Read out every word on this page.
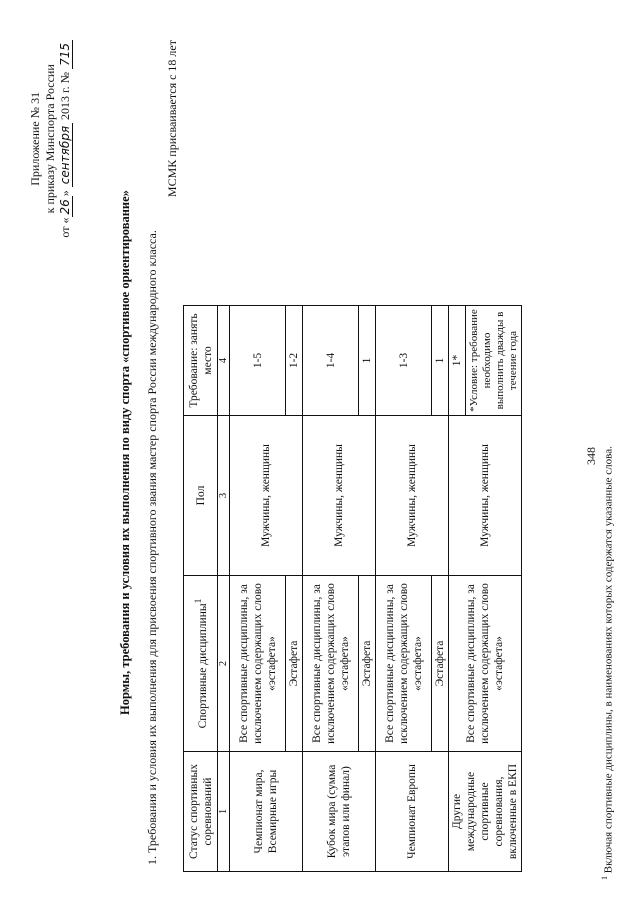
348
Приложение № 31 к приказу Минспорта России
от «26» сентября 2013 г. № 715
Нормы, требования и условия их выполнения по виду спорта «спортивное ориентирование» 1. Требования и условия их выполнения для присвоения спортивного звания мастер спорта России международного класса.
МСМК присваивается с 18 лет
Статус спортивных соревнований	Спортивные дисциплины$^1$	Пол	Требование: занять место
1	2	3	4
Чемпионат мира, Всемирные игры	Все спортивные дисциплины, за исключением содержащих слово «эстафета»	Мужчины, женщины	1-5
	Эстафета		1-2
Кубок мира (сумма этапов или финал)	Все спортивные дисциплины, за исключением содержащих слово «эстафета»	Мужчины, женщины	1-4
	Эстафета		1
Чемпионат Европы	Все спортивные дисциплины, за исключением содержащих слово «эстафета»	Мужчины, женщины	1-3
	Эстафета		1
Другие международные спортивные соревнования, включенные в ЕКП	Все спортивные дисциплины, за исключением содержащих слово «эстафета»	Мужчины, женщины	1*
			*Условие: требование необходимо выполнить дважды в течение года
$^1$ Включая спортивные дисциплины, в наименованиях которых содержатся указанные слова.
